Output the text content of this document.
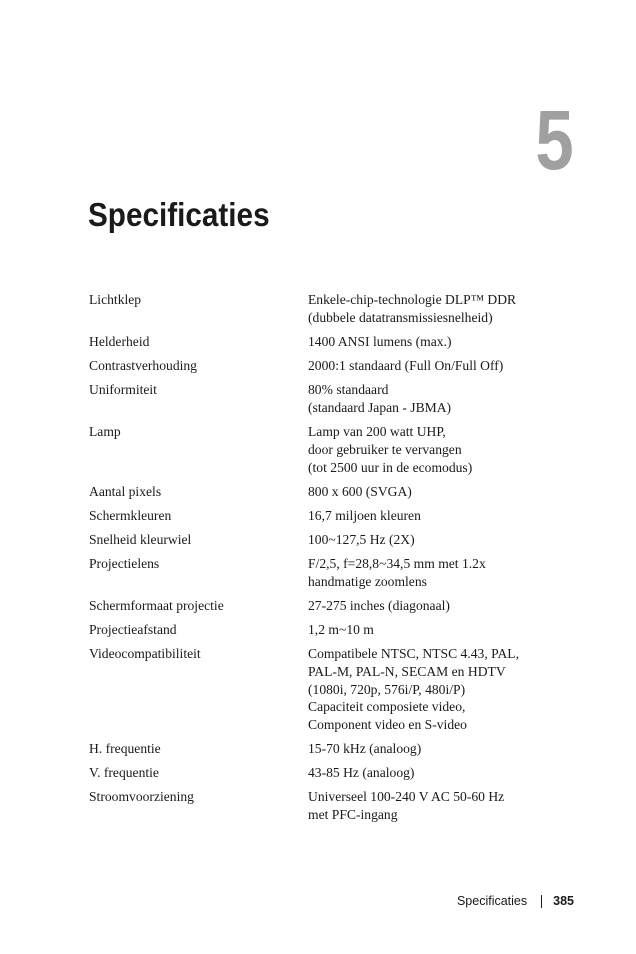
5
Specificaties
Lichtklep	Enkele-chip-technologie DLP™ DDR
(dubbele datatransmissiesnelheid)
Helderheid	1400 ANSI lumens (max.)
Contrastverhouding	2000:1 standaard (Full On/Full Off)
Uniformiteit	80% standaard
(standaard Japan - JBMA)
Lamp	Lamp van 200 watt UHP,
door gebruiker te vervangen
(tot 2500 uur in de ecomodus)
Aantal pixels	800 x 600 (SVGA)
Schermkleuren	16,7 miljoen kleuren
Snelheid kleurwiel	100~127,5 Hz (2X)
Projectielens	F/2,5, f=28,8~34,5 mm met 1.2x
handmatige zoomlens
Schermformaat projectie	27-275 inches (diagonaal)
Projectieafstand	1,2 m~10 m
Videocompatibiliteit	Compatibele NTSC, NTSC 4.43, PAL,
PAL-M, PAL-N, SECAM en HDTV
(1080i, 720p, 576i/P, 480i/P)
Capaciteit composiete video,
Component video en S-video
H. frequentie	15-70 kHz (analoog)
V. frequentie	43-85 Hz (analoog)
Stroomvoorziening	Universeel 100-240 V AC 50-60 Hz
met PFC-ingang
Specificaties 385
